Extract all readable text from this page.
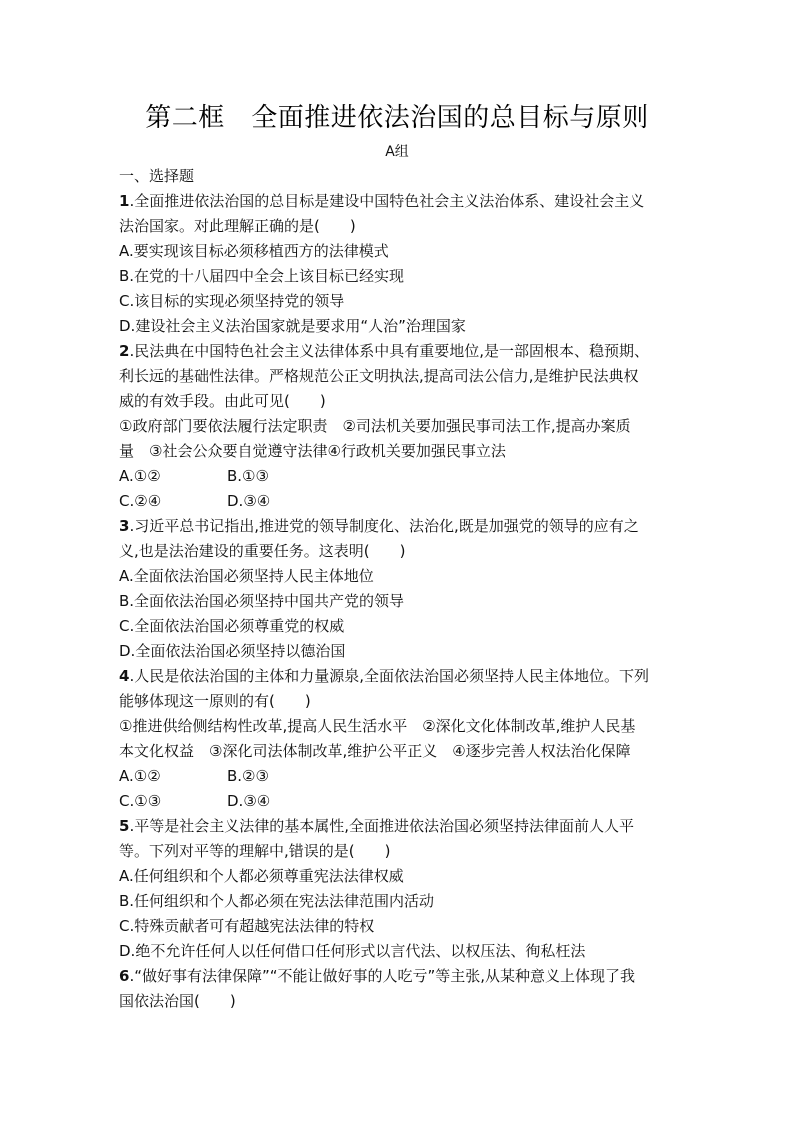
第二框　全面推进依法治国的总目标与原则
A组
一、选择题
1.全面推进依法治国的总目标是建设中国特色社会主义法治体系、建设社会主义
法治国家。对此理解正确的是(　　)
A.要实现该目标必须移植西方的法律模式
B.在党的十八届四中全会上该目标已经实现
C.该目标的实现必须坚持党的领导
D.建设社会主义法治国家就是要求用“人治”治理国家
2.民法典在中国特色社会主义法律体系中具有重要地位,是一部固根本、稳预期、
利长远的基础性法律。严格规范公正文明执法,提高司法公信力,是维护民法典权
威的有效手段。由此可见(　　)
①政府部门要依法履行法定职责　②司法机关要加强民事司法工作,提高办案质
量　③社会公众要自觉遵守法律④行政机关要加强民事立法
A.①②	B.①③
C.②④	D.③④
3.习近平总书记指出,推进党的领导制度化、法治化,既是加强党的领导的应有之
义,也是法治建设的重要任务。这表明(　　)
A.全面依法治国必须坚持人民主体地位
B.全面依法治国必须坚持中国共产党的领导
C.全面依法治国必须尊重党的权威
D.全面依法治国必须坚持以德治国
4.人民是依法治国的主体和力量源泉,全面依法治国必须坚持人民主体地位。下列
能够体现这一原则的有(　　)
①推进供给侧结构性改革,提高人民生活水平　②深化文化体制改革,维护人民基
本文化权益　③深化司法体制改革,维护公平正义　④逐步完善人权法治化保障
A.①②	B.②③
C.①③	D.③④
5.平等是社会主义法律的基本属性,全面推进依法治国必须坚持法律面前人人平
等。下列对平等的理解中,错误的是(　　)
A.任何组织和个人都必须尊重宪法法律权威
B.任何组织和个人都必须在宪法法律范围内活动
C.特殊贡献者可有超越宪法法律的特权
D.绝不允许任何人以任何借口任何形式以言代法、以权压法、徇私枉法
6.“做好事有法律保障”“不能让做好事的人吃亏”等主张,从某种意义上体现了我
国依法治国(　　)
